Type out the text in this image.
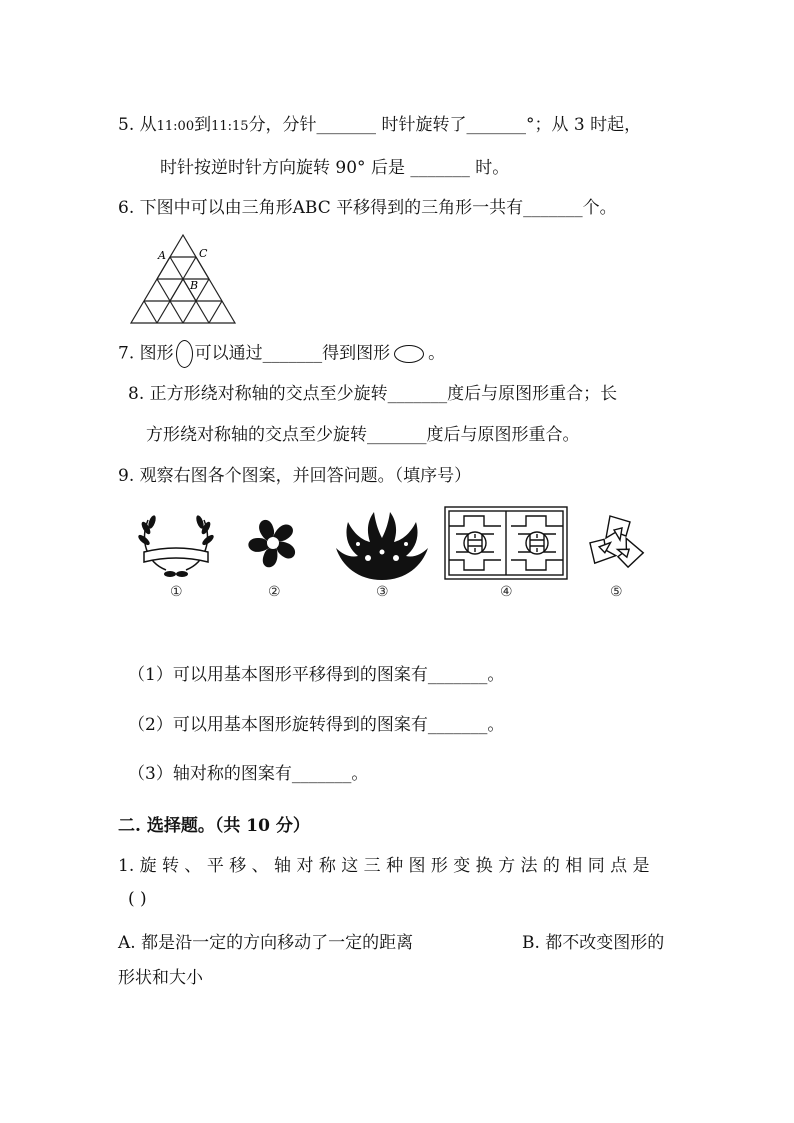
5. 从11:00到11:15分，分针_______ 时针旋转了_______°；从 3 时起，
时针按逆时针方向旋转 90° 后是 _______ 时。
6. 下图中可以由三角形ABC 平移得到的三角形一共有_______个。
A	C
B
7. 图形 可以通过_______得到图形 。
8. 正方形绕对称轴的交点至少旋转_______度后与原图形重合；长
方形绕对称轴的交点至少旋转_______度后与原图形重合。
9. 观察右图各个图案，并回答问题。（填序号）
①	②	③	④	⑤
（1）可以用基本图形平移得到的图案有_______。
（2）可以用基本图形旋转得到的图案有_______。
（3）轴对称的图案有_______。
二. 选择题。（共 10 分）
1. 旋 转 、 平 移 、 轴 对 称 这 三 种 图 形 变 换 方 法 的 相 同 点 是
( )
A. 都是沿一定的方向移动了一定的距离	B. 都不改变图形的
形状和大小
